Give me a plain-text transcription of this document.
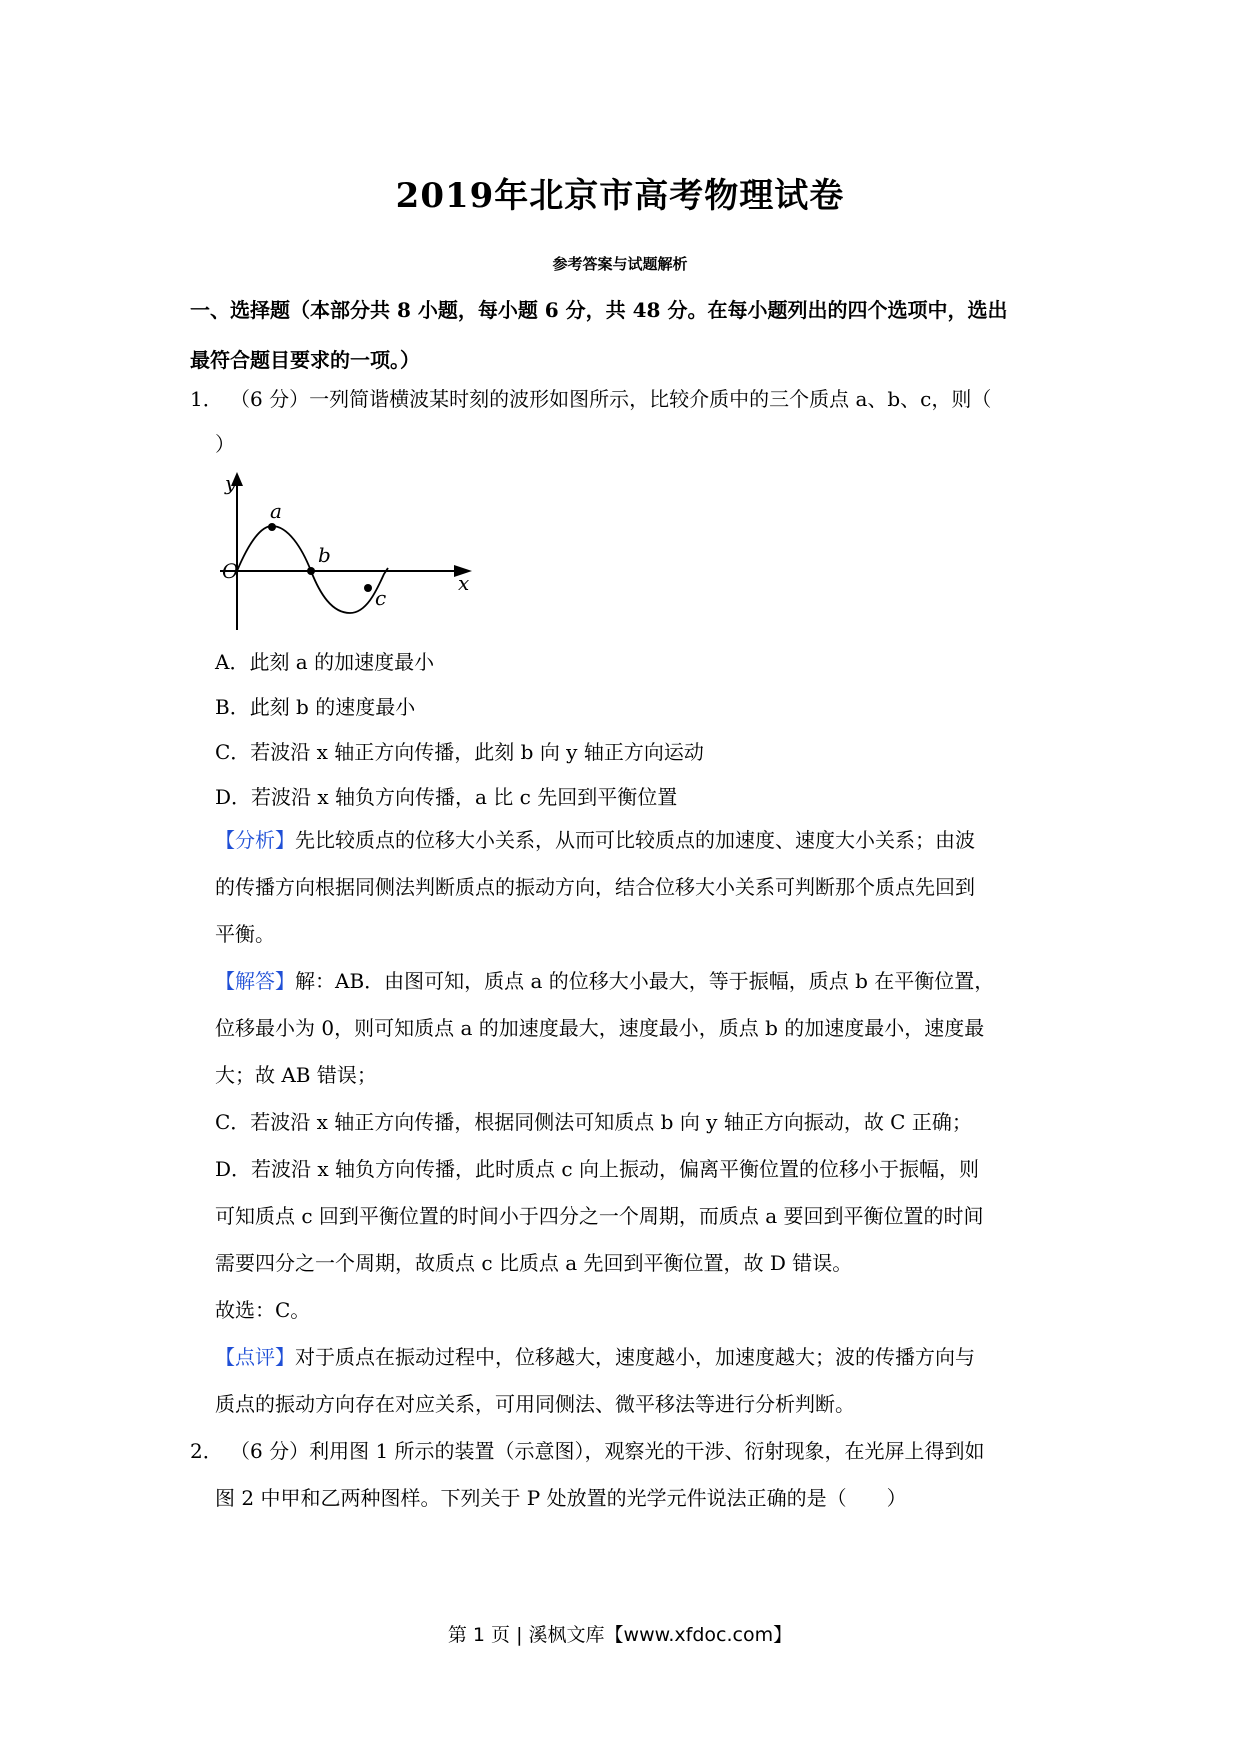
2019年北京市高考物理试卷
参考答案与试题解析
一、选择题（本部分共 8 小题，每小题 6 分，共 48 分。在每小题列出的四个选项中，选出
最符合题目要求的一项。）
1． （6 分）一列简谐横波某时刻的波形如图所示，比较介质中的三个质点 a、b、c，则（
）
y
x
O
a
b
c
A．此刻 a 的加速度最小
B．此刻 b 的速度最小
C．若波沿 x 轴正方向传播，此刻 b 向 y 轴正方向运动
D．若波沿 x 轴负方向传播，a 比 c 先回到平衡位置
【分析】先比较质点的位移大小关系，从而可比较质点的加速度、速度大小关系；由波
的传播方向根据同侧法判断质点的振动方向，结合位移大小关系可判断那个质点先回到
平衡。
【解答】解：AB．由图可知，质点 a 的位移大小最大，等于振幅，质点 b 在平衡位置，
位移最小为 0，则可知质点 a 的加速度最大，速度最小，质点 b 的加速度最小，速度最
大；故 AB 错误；
C．若波沿 x 轴正方向传播，根据同侧法可知质点 b 向 y 轴正方向振动，故 C 正确；
D．若波沿 x 轴负方向传播，此时质点 c 向上振动，偏离平衡位置的位移小于振幅，则
可知质点 c 回到平衡位置的时间小于四分之一个周期，而质点 a 要回到平衡位置的时间
需要四分之一个周期，故质点 c 比质点 a 先回到平衡位置，故 D 错误。
故选：C。
【点评】对于质点在振动过程中，位移越大，速度越小，加速度越大；波的传播方向与
质点的振动方向存在对应关系，可用同侧法、微平移法等进行分析判断。
2． （6 分）利用图 1 所示的装置（示意图），观察光的干涉、衍射现象，在光屏上得到如
图 2 中甲和乙两种图样。下列关于 P 处放置的光学元件说法正确的是（　　）
第 1 页 | 溪枫文库【www.xfdoc.com】
